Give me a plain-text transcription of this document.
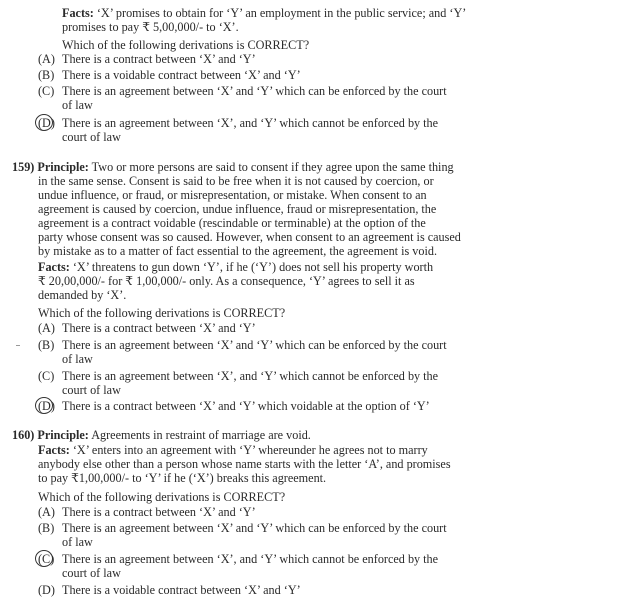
Facts: ‘X’ promises to obtain for ‘Y’ an employment in the public service; and ‘Y’
promises to pay ₹ 5,00,000/- to ‘X’.
Which of the following derivations is CORRECT?
(A) There is a contract between ‘X’ and ‘Y’
(B) There is a voidable contract between ‘X’ and ‘Y’
(C) There is an agreement between ‘X’ and ‘Y’ which can be enforced by the court
of law
(D) There is an agreement between ‘X’, and ‘Y’ which cannot be enforced by the
court of law
159) Principle: Two or more persons are said to consent if they agree upon the same thing
in the same sense. Consent is said to be free when it is not caused by coercion, or
undue influence, or fraud, or misrepresentation, or mistake. When consent to an
agreement is caused by coercion, undue influence, fraud or misrepresentation, the
agreement is a contract voidable (rescindable or terminable) at the option of the
party whose consent was so caused. However, when consent to an agreement is caused
by mistake as to a matter of fact essential to the agreement, the agreement is void.
Facts: ‘X’ threatens to gun down ‘Y’, if he (‘Y’) does not sell his property worth
₹ 20,00,000/- for ₹ 1,00,000/- only. As a consequence, ‘Y’ agrees to sell it as
demanded by ‘X’.
Which of the following derivations is CORRECT?
(A) There is a contract between ‘X’ and ‘Y’
(B) There is an agreement between ‘X’ and ‘Y’ which can be enforced by the court
of law
(C) There is an agreement between ‘X’, and ‘Y’ which cannot be enforced by the
court of law
(D) There is a contract between ‘X’ and ‘Y’ which voidable at the option of ‘Y’
160) Principle: Agreements in restraint of marriage are void.
Facts: ‘X’ enters into an agreement with ‘Y’ whereunder he agrees not to marry
anybody else other than a person whose name starts with the letter ‘A’, and promises
to pay ₹1,00,000/- to ‘Y’ if he (‘X’) breaks this agreement.
Which of the following derivations is CORRECT?
(A) There is a contract between ‘X’ and ‘Y’
(B) There is an agreement between ‘X’ and ‘Y’ which can be enforced by the court
of law
(C) There is an agreement between ‘X’, and ‘Y’ which cannot be enforced by the
court of law
(D) There is a voidable contract between ‘X’ and ‘Y’
